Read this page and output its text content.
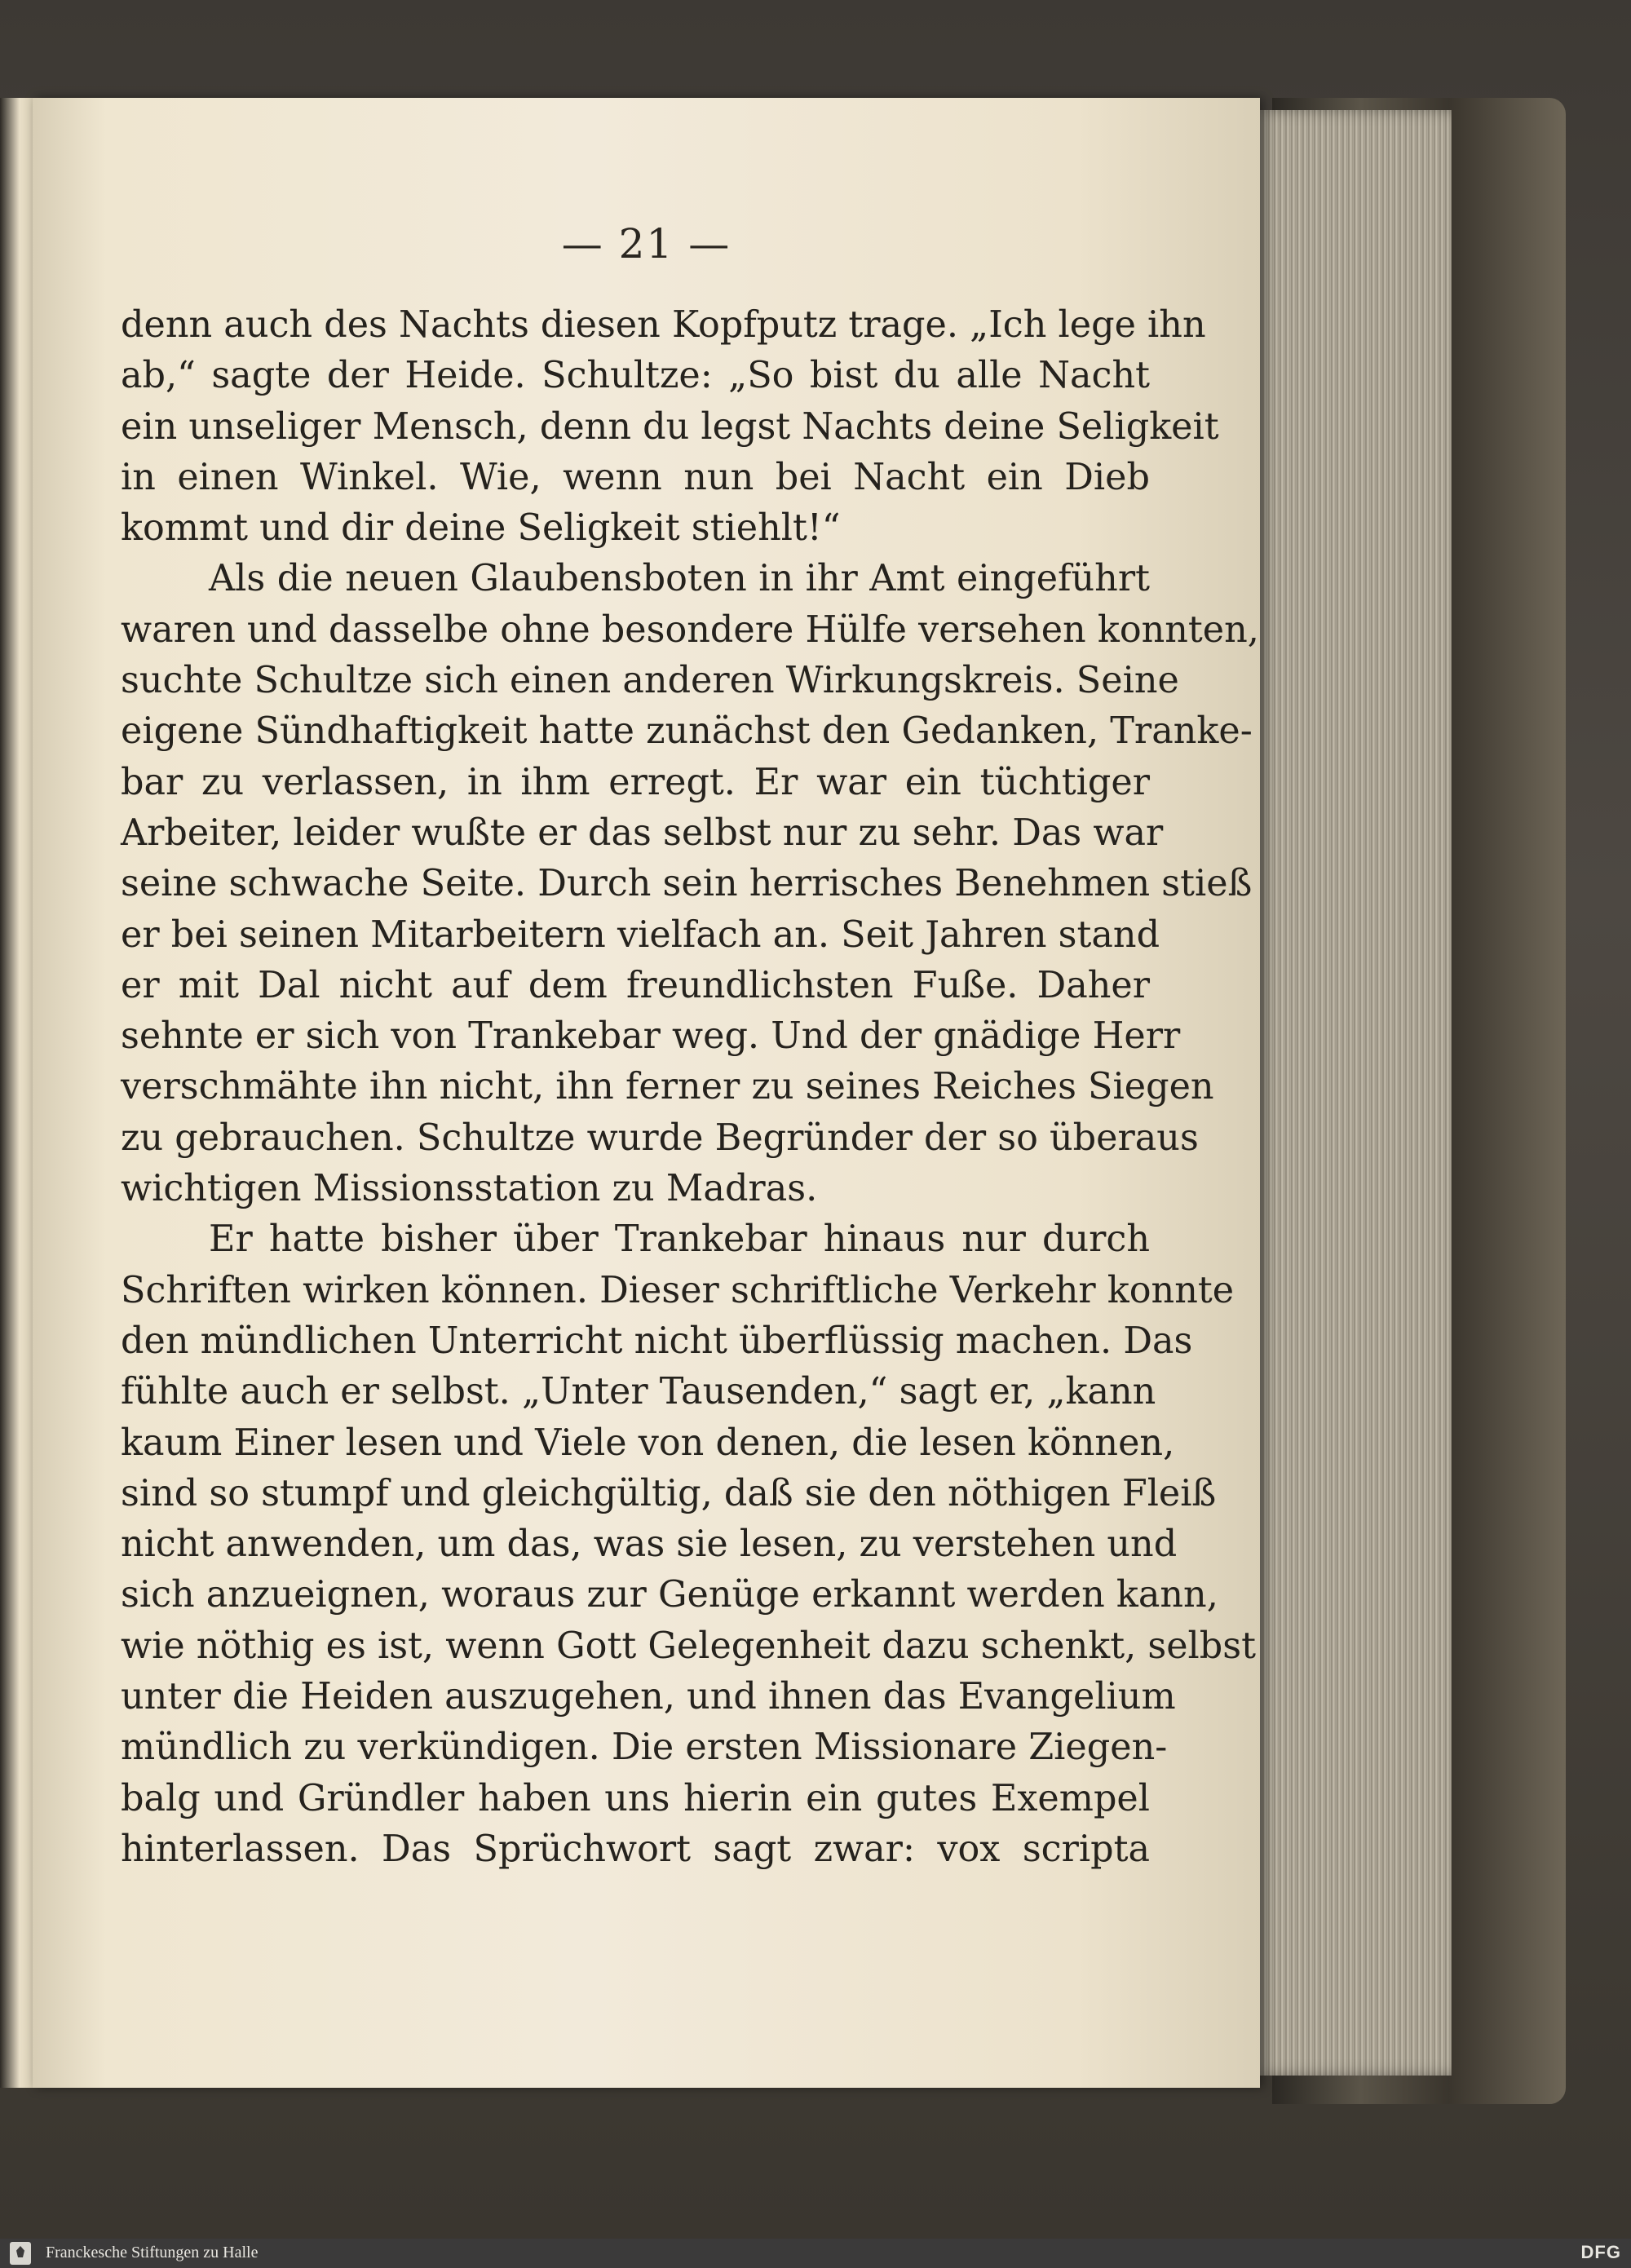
— 21 —
denn auch des Nachts diesen Kopfputz trage. „Ich lege ihn
ab,“ sagte der Heide. Schultze: „So bist du alle Nacht
ein unseliger Mensch, denn du legst Nachts deine Seligkeit
in einen Winkel. Wie, wenn nun bei Nacht ein Dieb
kommt und dir deine Seligkeit stiehlt!“
Als die neuen Glaubensboten in ihr Amt eingeführt
waren und dasselbe ohne besondere Hülfe versehen konnten,
suchte Schultze sich einen anderen Wirkungskreis. Seine
eigene Sündhaftigkeit hatte zunächst den Gedanken, Tranke-
bar zu verlassen, in ihm erregt. Er war ein tüchtiger
Arbeiter, leider wußte er das selbst nur zu sehr. Das war
seine schwache Seite. Durch sein herrisches Benehmen stieß
er bei seinen Mitarbeitern vielfach an. Seit Jahren stand
er mit Dal nicht auf dem freundlichsten Fuße. Daher
sehnte er sich von Trankebar weg. Und der gnädige Herr
verschmähte ihn nicht, ihn ferner zu seines Reiches Siegen
zu gebrauchen. Schultze wurde Begründer der so überaus
wichtigen Missionsstation zu Madras.
Er hatte bisher über Trankebar hinaus nur durch
Schriften wirken können. Dieser schriftliche Verkehr konnte
den mündlichen Unterricht nicht überflüssig machen. Das
fühlte auch er selbst. „Unter Tausenden,“ sagt er, „kann
kaum Einer lesen und Viele von denen, die lesen können,
sind so stumpf und gleichgültig, daß sie den nöthigen Fleiß
nicht anwenden, um das, was sie lesen, zu verstehen und
sich anzueignen, woraus zur Genüge erkannt werden kann,
wie nöthig es ist, wenn Gott Gelegenheit dazu schenkt, selbst
unter die Heiden auszugehen, und ihnen das Evangelium
mündlich zu verkündigen. Die ersten Missionare Ziegen-
balg und Gründler haben uns hierin ein gutes Exempel
hinterlassen. Das Sprüchwort sagt zwar: vox scripta
Franckesche Stiftungen zu Halle	DFG
